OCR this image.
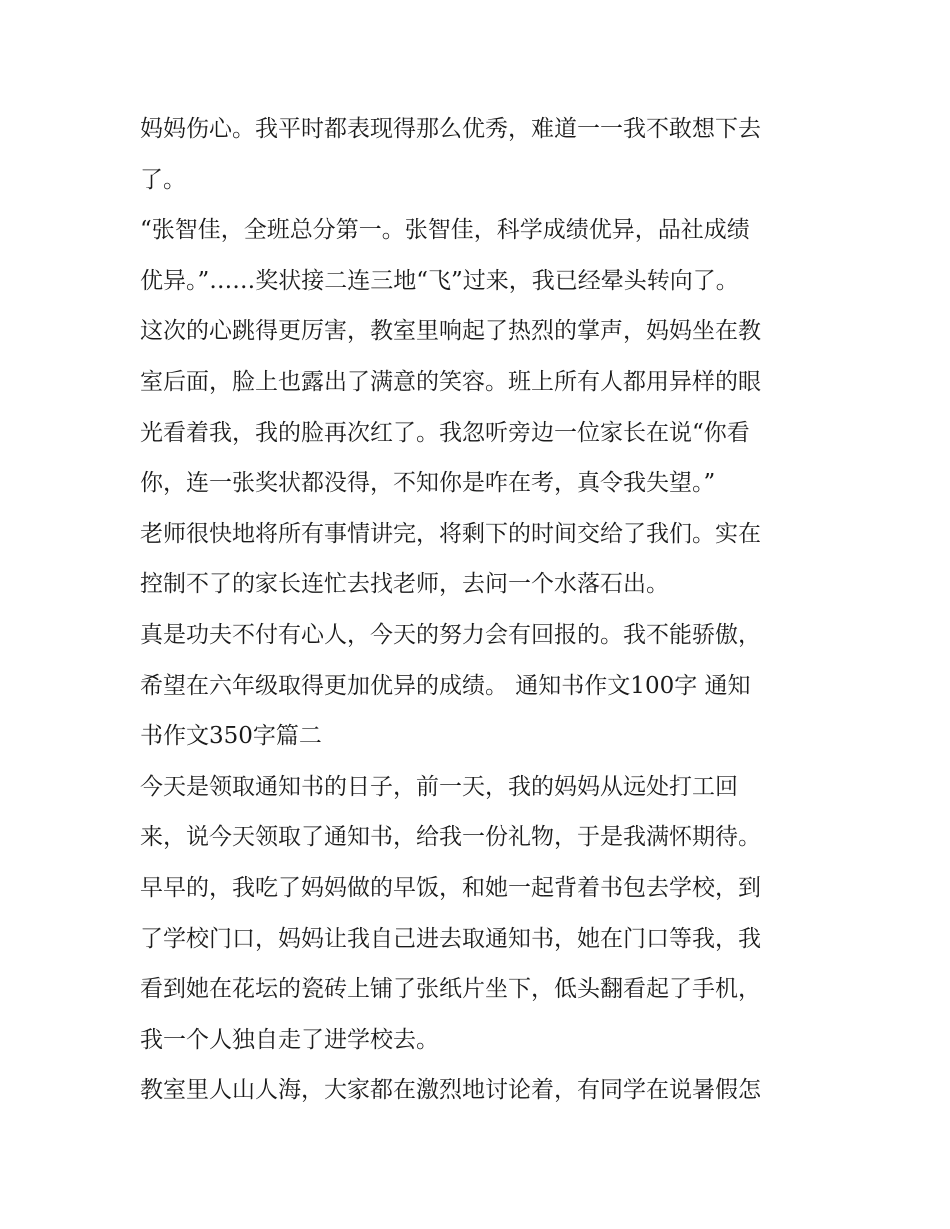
妈妈伤心。我平时都表现得那么优秀，难道一一我不敢想下去

了。

“张智佳，全班总分第一。张智佳，科学成绩优异，品社成绩

优异。”……奖状接二连三地“飞”过来，我已经晕头转向了。

这次的心跳得更厉害，教室里响起了热烈的掌声，妈妈坐在教

室后面，脸上也露出了满意的笑容。班上所有人都用异样的眼

光看着我，我的脸再次红了。我忽听旁边一位家长在说“你看

你，连一张奖状都没得，不知你是咋在考，真令我失望。”

老师很快地将所有事情讲完，将剩下的时间交给了我们。实在

控制不了的家长连忙去找老师，去问一个水落石出。

真是功夫不付有心人，今天的努力会有回报的。我不能骄傲，

希望在六年级取得更加优异的成绩。 通知书作文100字 通知

书作文350字篇二

今天是领取通知书的日子，前一天，我的妈妈从远处打工回

来，说今天领取了通知书，给我一份礼物，于是我满怀期待。

早早的，我吃了妈妈做的早饭，和她一起背着书包去学校，到

了学校门口，妈妈让我自己进去取通知书，她在门口等我，我

看到她在花坛的瓷砖上铺了张纸片坐下，低头翻看起了手机，

我一个人独自走了进学校去。

教室里人山人海，大家都在激烈地讨论着，有同学在说暑假怎
